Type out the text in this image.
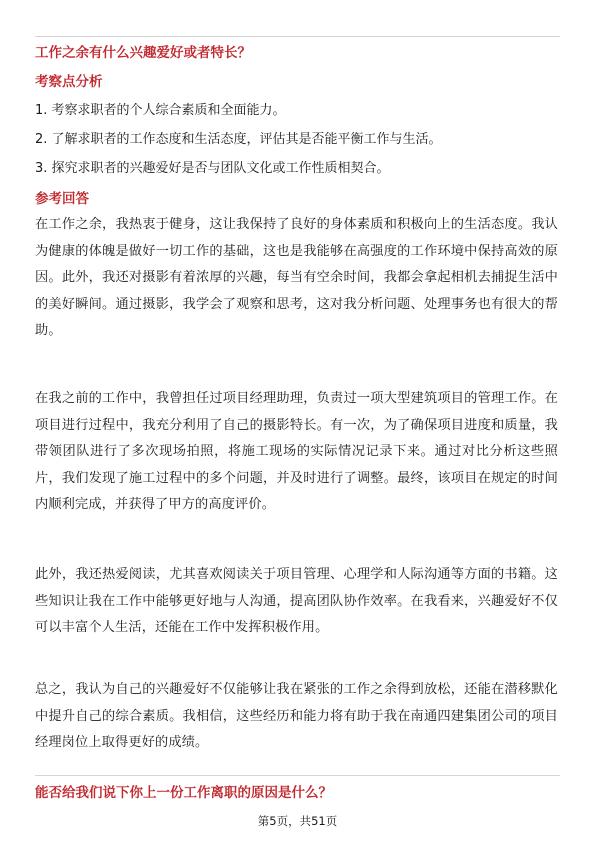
工作之余有什么兴趣爱好或者特长？
考察点分析
1. 考察求职者的个人综合素质和全面能力。
2. 了解求职者的工作态度和生活态度，评估其是否能平衡工作与生活。
3. 探究求职者的兴趣爱好是否与团队文化或工作性质相契合。
参考回答
在工作之余，我热衷于健身，这让我保持了良好的身体素质和积极向上的生活态度。我认为健康的体魄是做好一切工作的基础，这也是我能够在高强度的工作环境中保持高效的原因。此外，我还对摄影有着浓厚的兴趣，每当有空余时间，我都会拿起相机去捕捉生活中的美好瞬间。通过摄影，我学会了观察和思考，这对我分析问题、处理事务也有很大的帮助。
在我之前的工作中，我曾担任过项目经理助理，负责过一项大型建筑项目的管理工作。在项目进行过程中，我充分利用了自己的摄影特长。有一次，为了确保项目进度和质量，我带领团队进行了多次现场拍照，将施工现场的实际情况记录下来。通过对比分析这些照片，我们发现了施工过程中的多个问题，并及时进行了调整。最终，该项目在规定的时间内顺利完成，并获得了甲方的高度评价。
此外，我还热爱阅读，尤其喜欢阅读关于项目管理、心理学和人际沟通等方面的书籍。这些知识让我在工作中能够更好地与人沟通，提高团队协作效率。在我看来，兴趣爱好不仅可以丰富个人生活，还能在工作中发挥积极作用。
总之，我认为自己的兴趣爱好不仅能够让我在紧张的工作之余得到放松，还能在潜移默化中提升自己的综合素质。我相信，这些经历和能力将有助于我在南通四建集团公司的项目经理岗位上取得更好的成绩。
能否给我们说下你上一份工作离职的原因是什么？
第5页，共51页
